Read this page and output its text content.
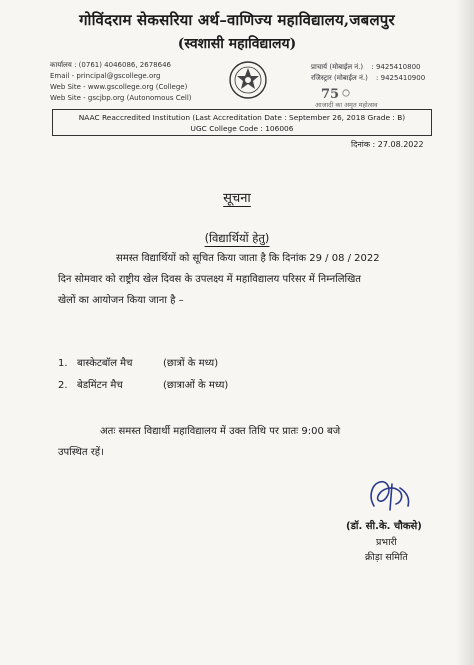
गोविंदराम सेकसरिया अर्थ–वाणिज्य महाविद्यालय,जबलपुर
(स्वशासी महाविद्यालय)
कार्यालय : (0761) 4046086, 2678646
Email - principal@gscollege.org
Web Site - www.gscollege.org (College)
Web Site - gscjbp.org (Autonomous Cell)
प्राचार्य (मोबाईल नं.) : 9425410800
रजिस्ट्रार (मोबाईल नं.) : 9425410900
75
आजादी का अमृत महोत्सव
NAAC Reaccredited Institution (Last Accreditation Date : September 26, 2018 Grade : B)
UGC College Code : 106006
दिनांक : 27.08.2022
सूचना
(विद्यार्थियों हेतु)
समस्त विद्यार्थियों को सूचित किया जाता है कि दिनांक 29 / 08 / 2022
दिन सोमवार को राष्ट्रीय खेल दिवस के उपलक्ष्य में महाविद्यालय परिसर में निम्नलिखित
खेलों का आयोजन किया जाना है –
1. बास्केटबॉल मैच	(छात्रों के मध्य)
2. बेडमिंटन मैच	(छात्राओं के मध्य)
अतः समस्त विद्यार्थी महाविद्यालय में उक्त तिथि पर प्रातः 9:00 बजे
उपस्थित रहें।
(डॉ. सी.के. चौकसे)
प्रभारी
क्रीड़ा समिति
